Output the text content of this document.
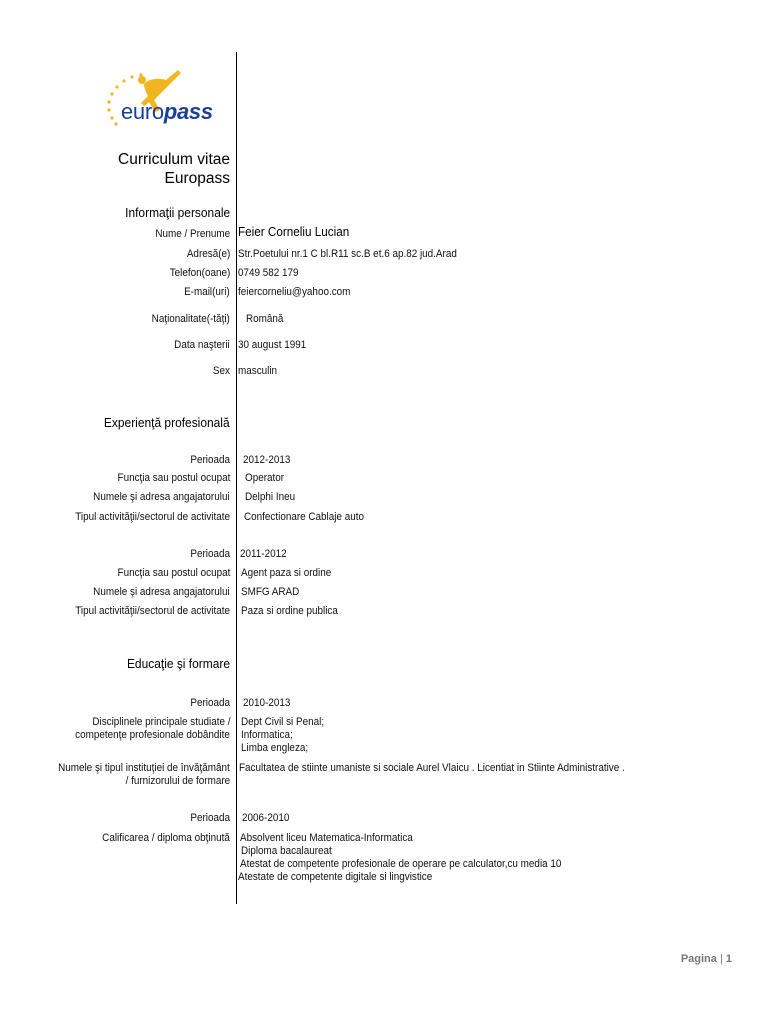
europass
Curriculum vitae
Europass
Informaţii personale
Nume / Prenume Feier Corneliu Lucian
Adresă(e) Str.Poetului nr.1 C bl.R11 sc.B et.6 ap.82 jud.Arad
Telefon(oane) 0749 582 179
E-mail(uri) feiercorneliu@yahoo.com
Naţionalitate(-tăţi) Română
Data naşterii 30 august 1991
Sex masculin
Experienţă profesională
Perioada 2012-2013
Funcţia sau postul ocupat Operator
Numele şi adresa angajatorului Delphi Ineu
Tipul activităţii/sectorul de activitate Confectionare Cablaje auto
Perioada 2011-2012
Funcţia sau postul ocupat Agent paza si ordine
Numele şi adresa angajatorului SMFG ARAD
Tipul activităţii/sectorul de activitate Paza si ordine publica
Educaţie şi formare
Perioada 2010-2013
Disciplinele principale studiate /
competenţe profesionale dobândite
Dept Civil si Penal;
Informatica;
Limba engleza;
Numele şi tipul instituţiei de învăţământ
/ furnizorului de formare
Facultatea de stiinte umaniste si sociale Aurel Vlaicu . Licentiat in Stiinte Administrative .
Perioada 2006-2010
Calificarea / diploma obţinută Absolvent liceu Matematica-Informatica
Diploma bacalaureat
Atestat de competente profesionale de operare pe calculator,cu media 10
Atestate de competente digitale si lingvistice
Pagina | 1
